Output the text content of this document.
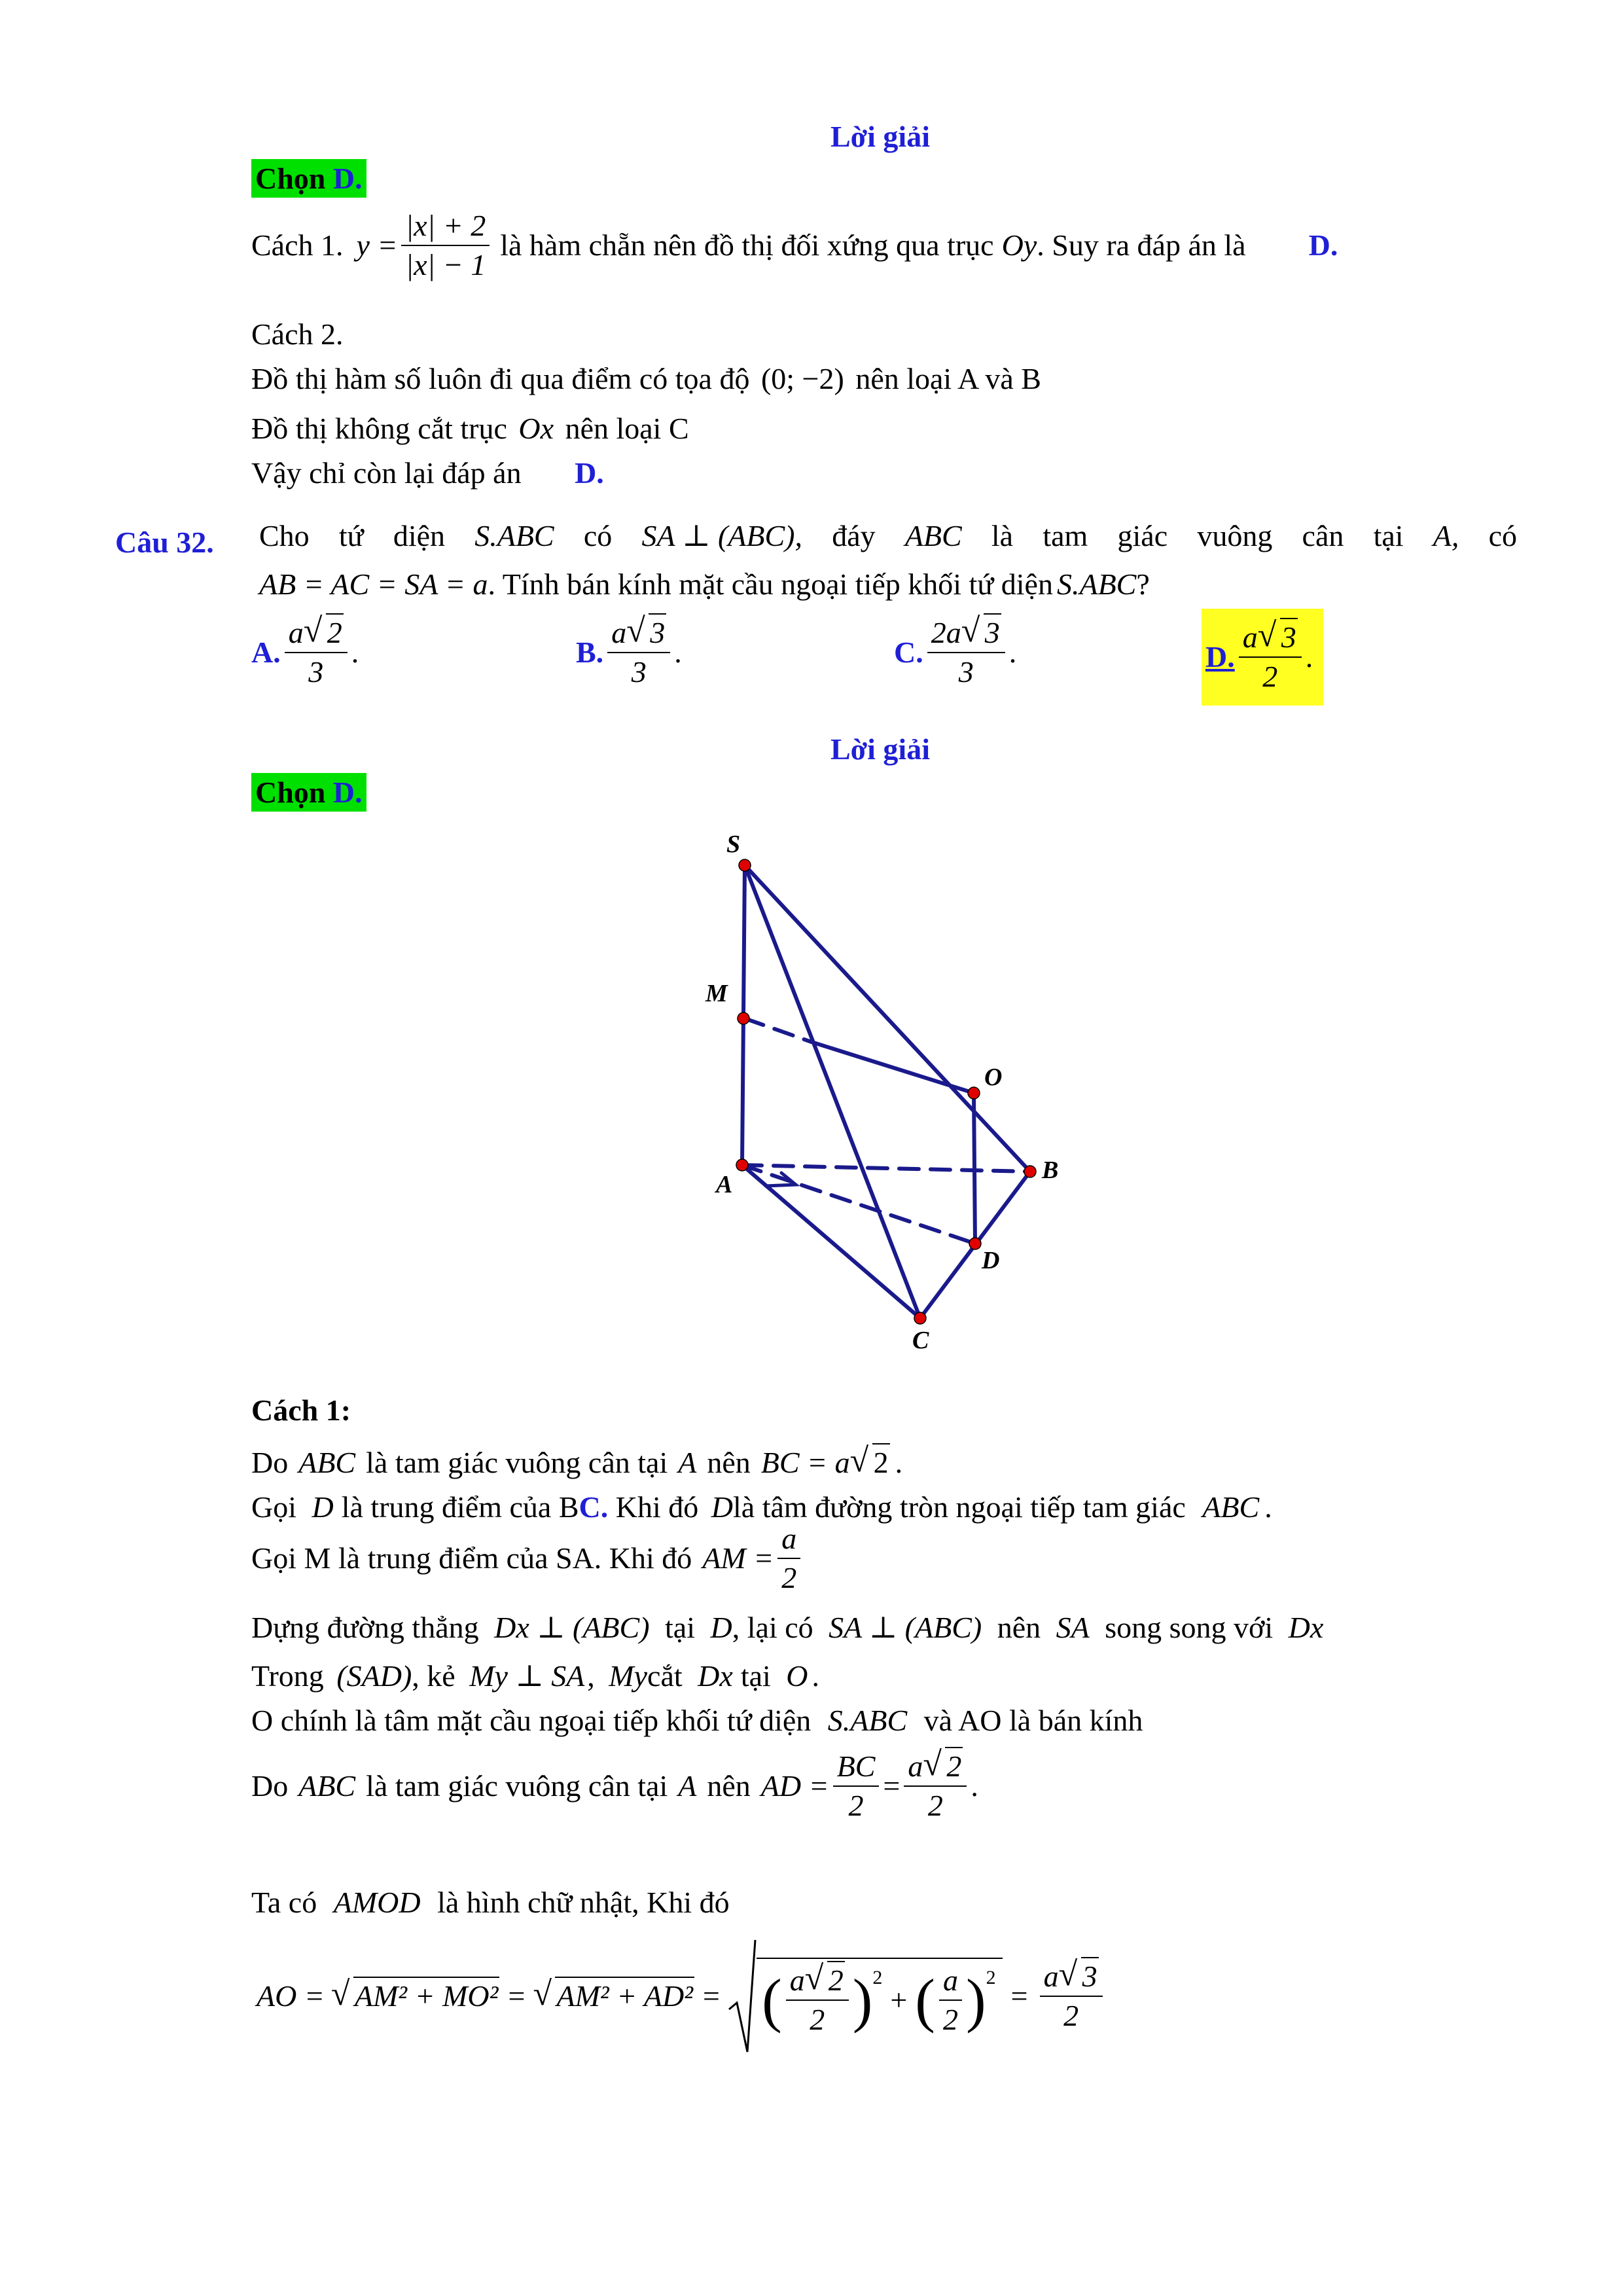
Lời giải
Chọn D.
Cách 1. $y = \frac{|x| + 2}{|x| - 1}$ là hàm chẵn nên đồ thị đối xứng qua trục Oy . Suy ra đáp án là D.
Cách 2.
Đồ thị hàm số luôn đi qua điểm có tọa độ (0; −2) nên loại A và B
Đồ thị không cắt trục Ox nên loại C
Vậy chỉ còn lại đáp án D.
Câu 32. Cho tứ diện S.ABC có SA ⊥ (ABC), đáy ABC là tam giác vuông cân tại A, có
AB = AC = SA = a. Tính bán kính mặt cầu ngoại tiếp khối tứ diện S.ABC?
A. $\frac{a √ 2}{3}$ .	B. $\frac{a √ 3}{3}$ .	C. $\frac{2a √ 3}{3}$ .	D. $\frac{a √ 3}{2}$ .
Lời giải
Chọn D.
S
M
O
A
B
D
C
Cách 1:
Do ABC là tam giác vuông cân tại A nên BC = a √ 2 .
Gọi D là trung điểm của BC. Khi đó Dlà tâm đường tròn ngoại tiếp tam giác ABC .
Gọi M là trung điểm của SA. Khi đó AM = $\frac{a}{2}$
Dựng đường thẳng Dx ⊥ (ABC) tại D, lại có SA ⊥ (ABC) nên SA song song với Dx
Trong (SAD), kẻ My ⊥ SA, Mycắt Dx tại O .
O chính là tâm mặt cầu ngoại tiếp khối tứ diện S.ABC và AO là bán kính
Do ABC là tam giác vuông cân tại A nên AD = $\frac{BC}{2} = \frac{a √ 2}{2}$ .
Ta có AMOD là hình chữ nhật, Khi đó
AO = √ AM² + MO² = √ AM² + AD² = ( $\frac{a √ 2}{2} )^2$
+ ( $\frac{a}{2} )^2$
= $\frac{a √ 3}{2}$
